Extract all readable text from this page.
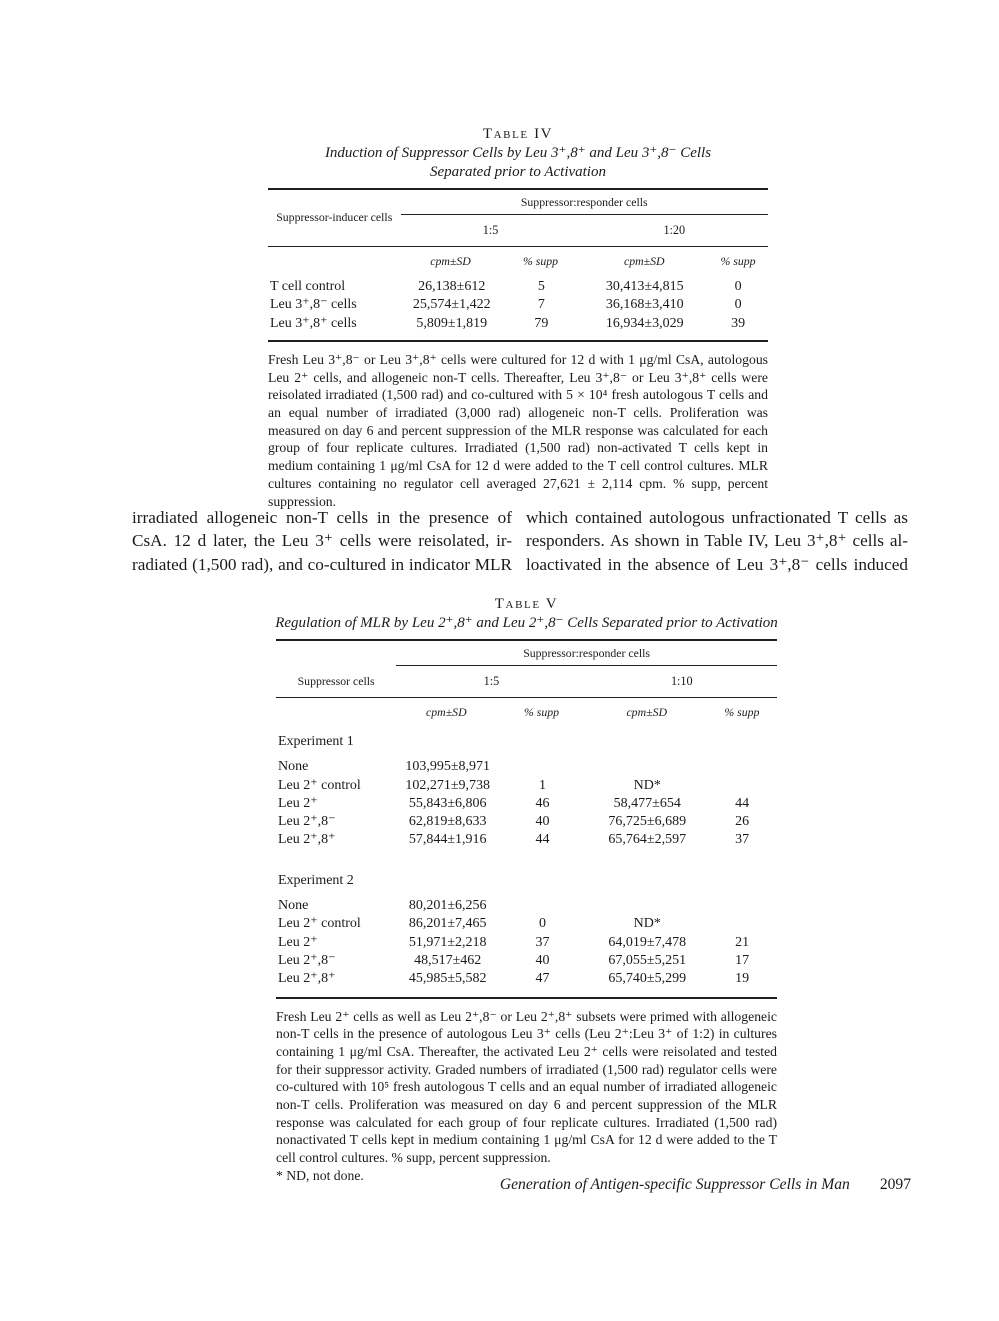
Table IV
Induction of Suppressor Cells by Leu 3⁺,8⁺ and Leu 3⁺,8⁻ Cells
Separated prior to Activation
Suppressor-inducer cells
Suppressor:responder cells
1:5	1:20
cpm±SD	% supp	cpm±SD	% supp
T cell control	26,138±612	5	30,413±4,815	0
Leu 3⁺,8⁻ cells	25,574±1,422	7	36,168±3,410	0
Leu 3⁺,8⁺ cells	5,809±1,819	79	16,934±3,029	39
Fresh Leu 3⁺,8⁻ or Leu 3⁺,8⁺ cells were cultured for 12 d with 1 μg/ml CsA, autologous Leu 2⁺ cells, and allogeneic non-T cells. Thereafter, Leu 3⁺,8⁻ or Leu 3⁺,8⁺ cells were reisolated irradiated (1,500 rad) and co-cultured with 5 × 10⁴ fresh autologous T cells and an equal number of irradiated (3,000 rad) allogeneic non-T cells. Proliferation was measured on day 6 and percent suppression of the MLR response was calculated for each group of four replicate cultures. Irradiated (1,500 rad) non-activated T cells kept in medium containing 1 μg/ml CsA for 12 d were added to the T cell control cultures. MLR cultures containing no regulator cell averaged 27,621 ± 2,114 cpm. % supp, percent suppression.
irradiated allogeneic non-T cells in the presence of
CsA. 12 d later, the Leu 3⁺ cells were reisolated, ir-
radiated (1,500 rad), and co-cultured in indicator MLR
which contained autologous unfractionated T cells as
responders. As shown in Table IV, Leu 3⁺,8⁺ cells al-
loactivated in the absence of Leu 3⁺,8⁻ cells induced
Table V
Regulation of MLR by Leu 2⁺,8⁺ and Leu 2⁺,8⁻ Cells Separated prior to Activation
Suppressor cells
Suppressor:responder cells
1:5	1:10
cpm±SD	% supp	cpm±SD	% supp
Experiment 1
None	103,995±8,971
Leu 2⁺ control	102,271±9,738	1	ND*
Leu 2⁺	55,843±6,806	46	58,477±654	44
Leu 2⁺,8⁻	62,819±8,633	40	76,725±6,689	26
Leu 2⁺,8⁺	57,844±1,916	44	65,764±2,597	37
Experiment 2
None	80,201±6,256
Leu 2⁺ control	86,201±7,465	0	ND*
Leu 2⁺	51,971±2,218	37	64,019±7,478	21
Leu 2⁺,8⁻	48,517±462	40	67,055±5,251	17
Leu 2⁺,8⁺	45,985±5,582	47	65,740±5,299	19
Fresh Leu 2⁺ cells as well as Leu 2⁺,8⁻ or Leu 2⁺,8⁺ subsets were primed with allogeneic non-T cells in the presence of autologous Leu 3⁺ cells (Leu 2⁺:Leu 3⁺ of 1:2) in cultures containing 1 μg/ml CsA. Thereafter, the activated Leu 2⁺ cells were reisolated and tested for their suppressor activity. Graded numbers of irradiated (1,500 rad) regulator cells were co-cultured with 10⁵ fresh autologous T cells and an equal number of irradiated allogeneic non-T cells. Proliferation was measured on day 6 and percent suppression of the MLR response was calculated for each group of four replicate cultures. Irradiated (1,500 rad) nonactivated T cells kept in medium containing 1 μg/ml CsA for 12 d were added to the T cell control cultures. % supp, percent suppression.
* ND, not done.
Generation of Antigen-specific Suppressor Cells in Man 2097
